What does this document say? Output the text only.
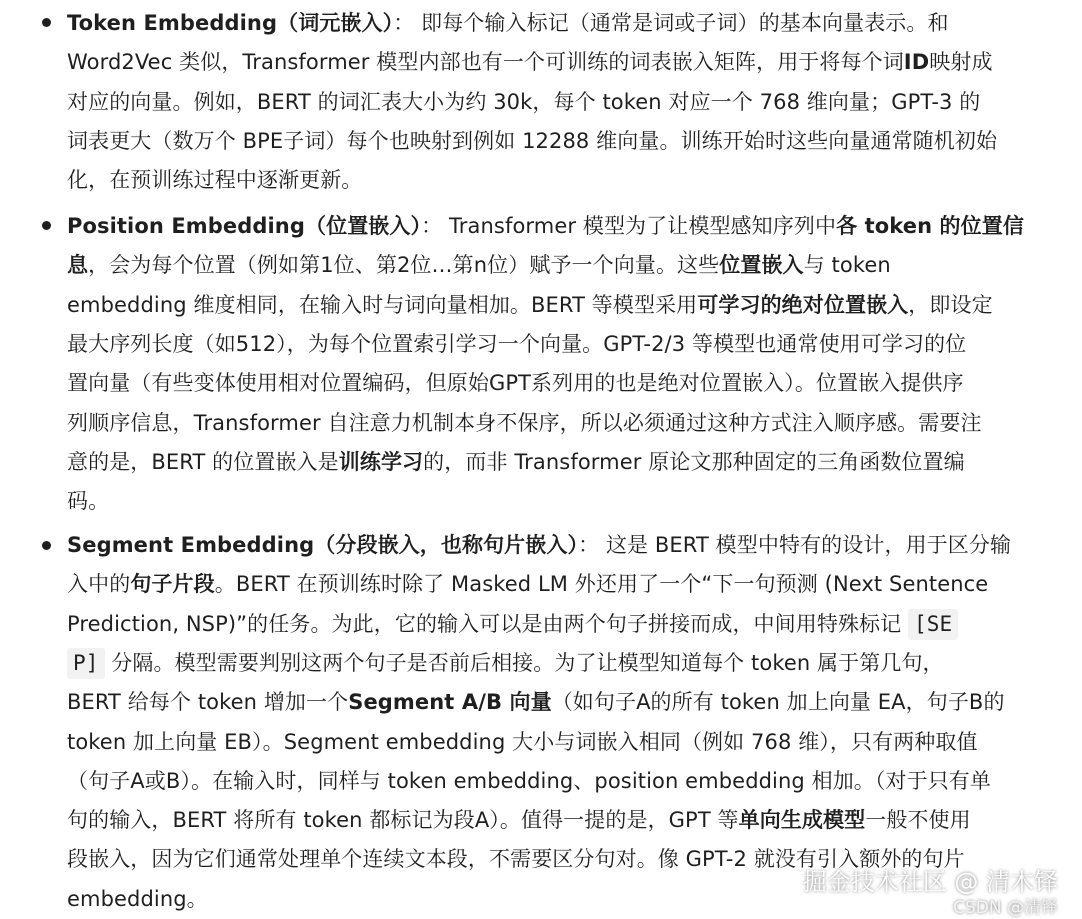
Token Embedding（词元嵌入）： 即每个输入标记（通常是词或子词）的基本向量表示。和
Word2Vec 类似，Transformer 模型内部也有一个可训练的词表嵌入矩阵，用于将每个词ID映射成
对应的向量。例如，BERT 的词汇表大小为约 30k，每个 token 对应一个 768 维向量；GPT-3 的
词表更大（数万个 BPE子词）每个也映射到例如 12288 维向量。训练开始时这些向量通常随机初始
化，在预训练过程中逐渐更新。
Position Embedding（位置嵌入）： Transformer 模型为了让模型感知序列中各 token 的位置信
息，会为每个位置（例如第1位、第2位…第n位）赋予一个向量。这些位置嵌入与 token
embedding 维度相同，在输入时与词向量相加。BERT 等模型采用可学习的绝对位置嵌入，即设定
最大序列长度（如512），为每个位置索引学习一个向量。GPT-2/3 等模型也通常使用可学习的位
置向量（有些变体使用相对位置编码，但原始GPT系列用的也是绝对位置嵌入）。位置嵌入提供序
列顺序信息，Transformer 自注意力机制本身不保序，所以必须通过这种方式注入顺序感。需要注
意的是，BERT 的位置嵌入是训练学习的，而非 Transformer 原论文那种固定的三角函数位置编
码。
Segment Embedding（分段嵌入，也称句片嵌入）： 这是 BERT 模型中特有的设计，用于区分输
入中的句子片段。BERT 在预训练时除了 Masked LM 外还用了一个“下一句预测 (Next Sentence
Prediction, NSP)”的任务。为此，它的输入可以是由两个句子拼接而成，中间用特殊标记 [SE
P] 分隔。模型需要判别这两个句子是否前后相接。为了让模型知道每个 token 属于第几句，
BERT 给每个 token 增加一个Segment A/B 向量（如句子A的所有 token 加上向量 EA，句子B的
token 加上向量 EB）。Segment embedding 大小与词嵌入相同（例如 768 维），只有两种取值
（句子A或B）。在输入时，同样与 token embedding、position embedding 相加。（对于只有单
句的输入，BERT 将所有 token 都标记为段A）。值得一提的是，GPT 等单向生成模型一般不使用
段嵌入，因为它们通常处理单个连续文本段，不需要区分句对。像 GPT-2 就没有引入额外的句片
embedding。
掘金技术社区 @ 清木铎
CSDN @清铎
